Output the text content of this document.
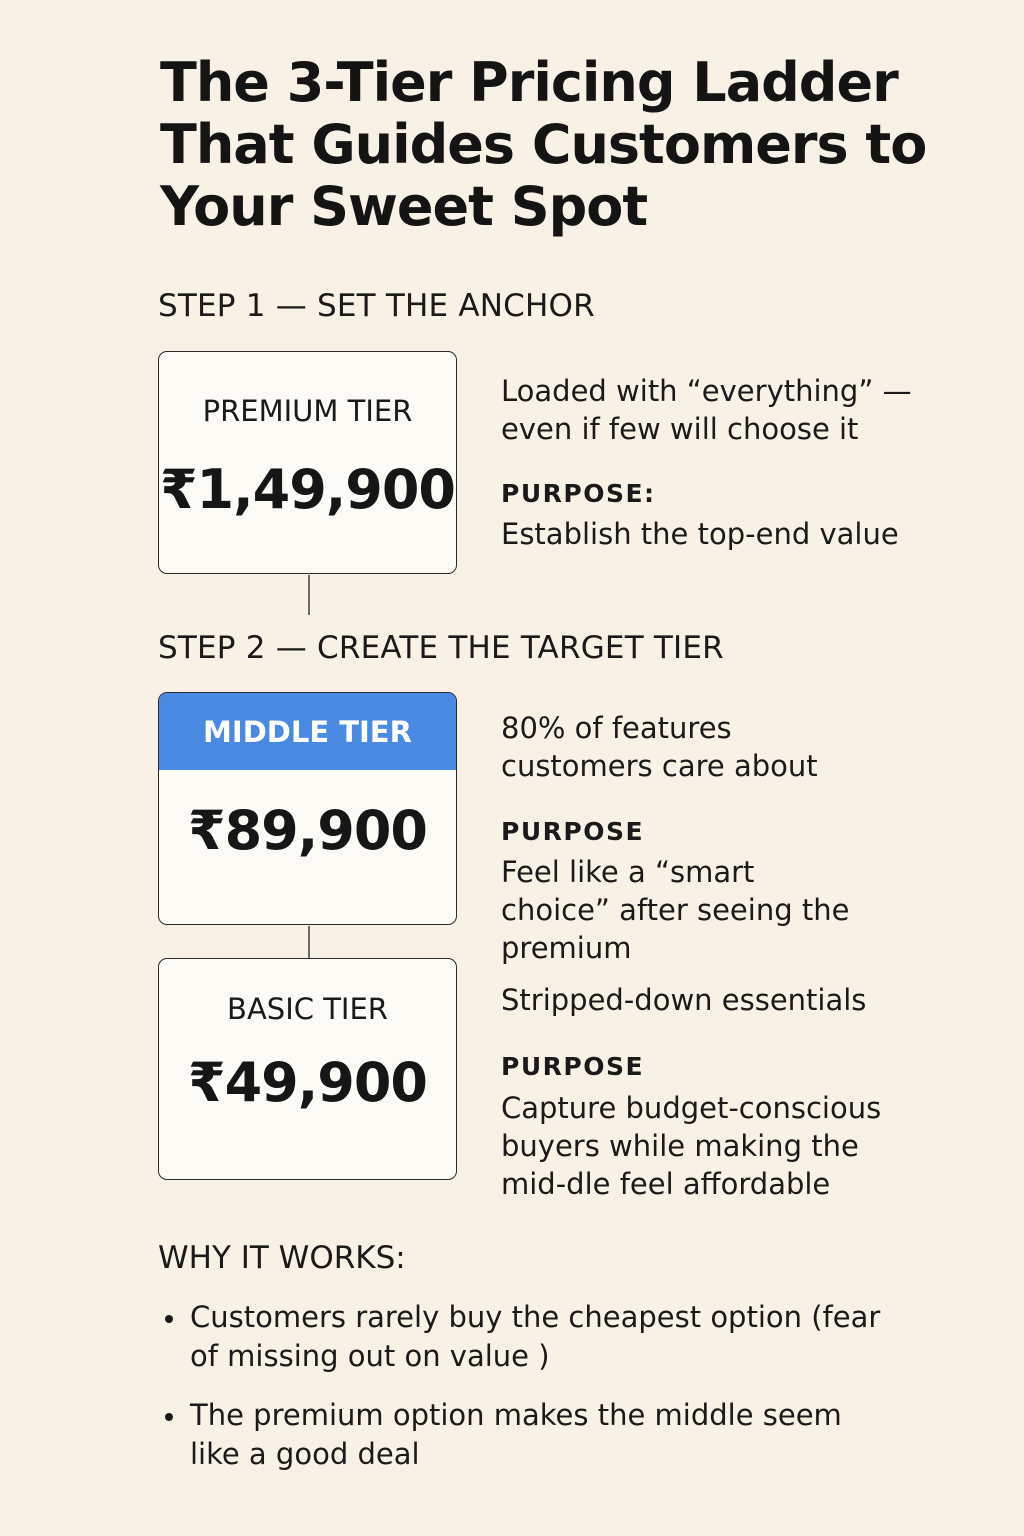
The 3-Tier Pricing Ladder That Guides Customers to Your Sweet Spot
STEP 1 — SET THE ANCHOR
PREMIUM TIER
₹1,49,900
Loaded with “everything” — even if few will choose it
PURPOSE:
Establish the top-end value
STEP 2 — CREATE THE TARGET TIER
MIDDLE TIER
₹89,900
80% of features customers care about
PURPOSE
Feel like a “smart choice” after seeing the premium
BASIC TIER
₹49,900
Stripped-down essentials
PURPOSE
Capture budget-conscious buyers while making the mid-dle feel affordable
WHY IT WORKS:
Customers rarely buy the cheapest option (fear of missing out on value )
The premium option makes the middle seem like a good deal
